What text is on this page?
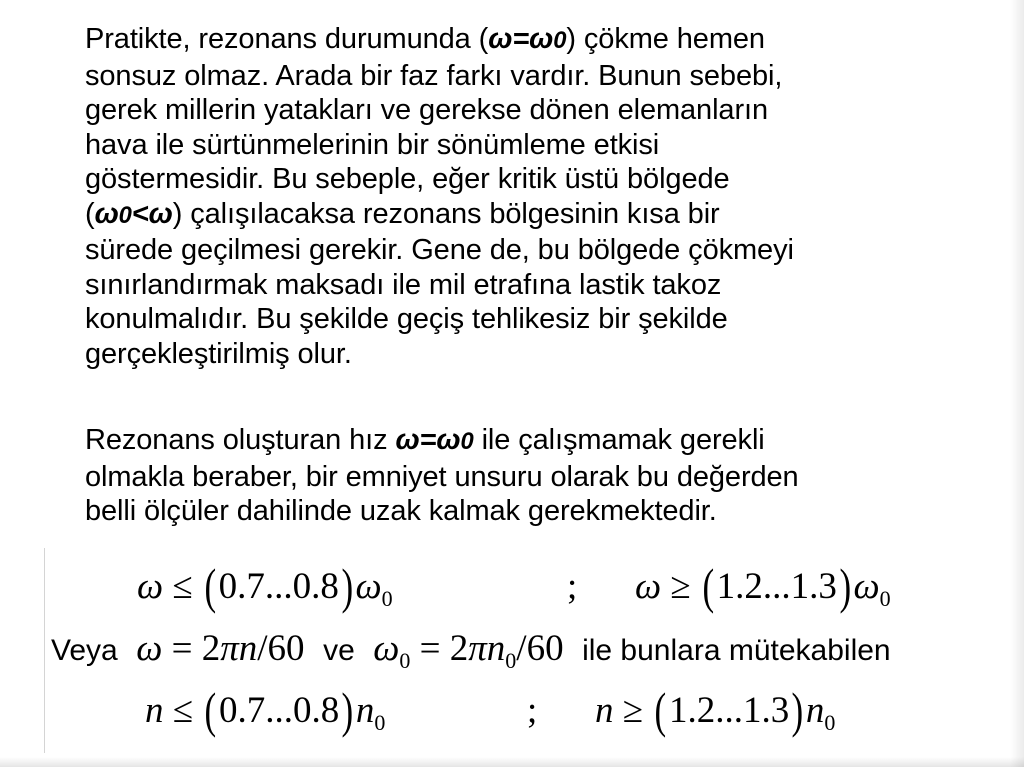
Pratikte, rezonans durumunda (ω=ω0) çökme hemen
sonsuz olmaz. Arada bir faz farkı vardır. Bunun sebebi,
gerek millerin yatakları ve gerekse dönen elemanların
hava ile sürtünmelerinin bir sönümleme etkisi
göstermesidir. Bu sebeple, eğer kritik üstü bölgede
(ω0<ω) çalışılacaksa rezonans bölgesinin kısa bir
sürede geçilmesi gerekir. Gene de, bu bölgede çökmeyi
sınırlandırmak maksadı ile mil etrafına lastik takoz
konulmalıdır. Bu şekilde geçiş tehlikesiz bir şekilde
gerçekleştirilmiş olur.
Rezonans oluşturan hız ω=ω0 ile çalışmamak gerekli
olmakla beraber, bir emniyet unsuru olarak bu değerden
belli ölçüler dahilinde uzak kalmak gerekmektedir.
$\omega \le (0.7...0.8)\omega_0$	; $\omega \ge (1.2...1.3)\omega_0$
Veya ω = 2πn/60 ve $\omega_0 = 2\pi n_0/60$ ile bunlara mütekabilen
$n \le (0.7...0.8)n_0$	; $n \ge (1.2...1.3)n_0$
